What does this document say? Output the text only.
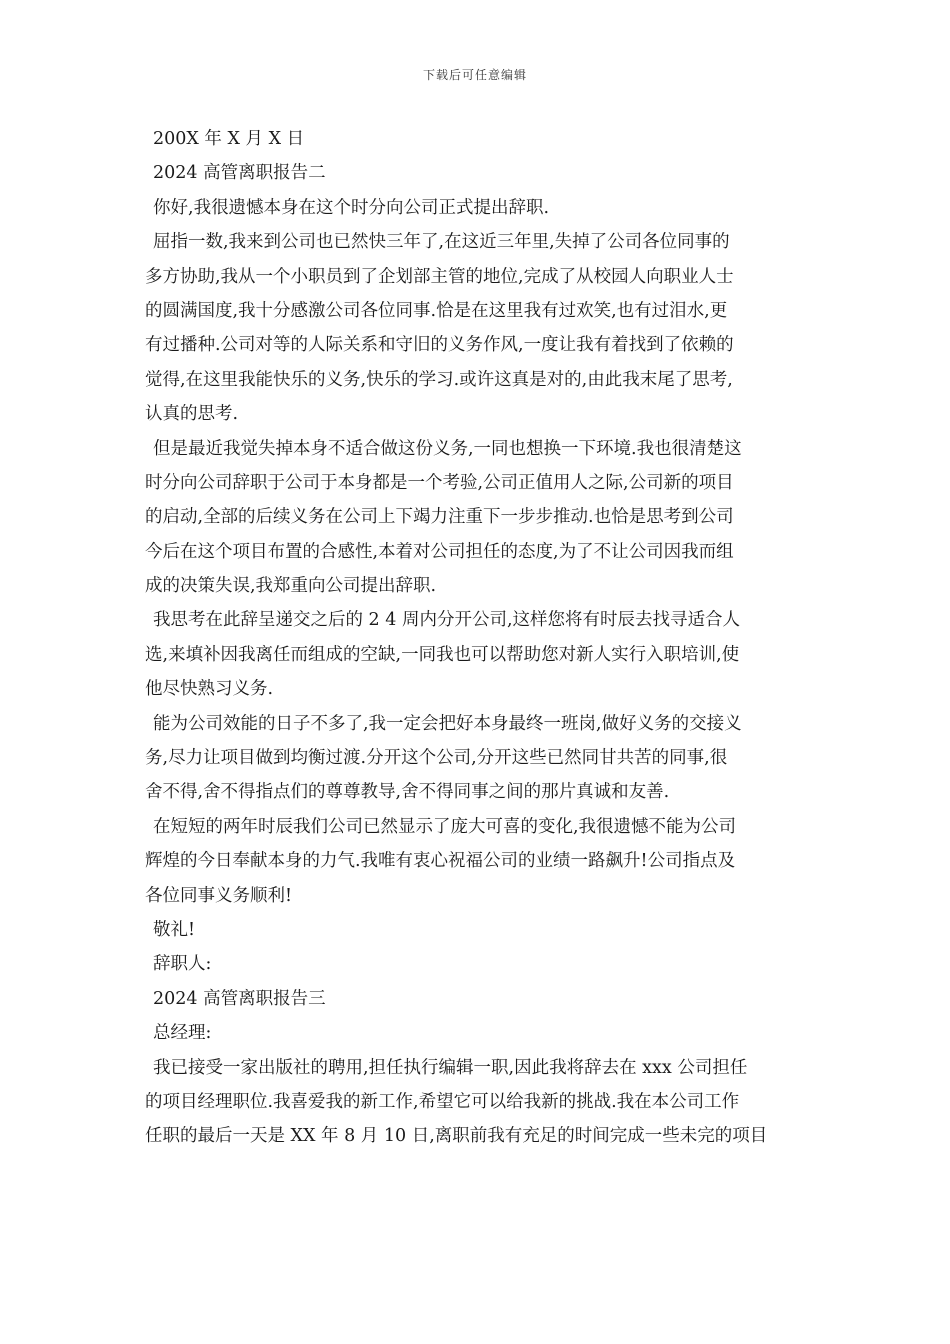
下载后可任意编辑
200X 年 X 月 X 日
2024 高管离职报告二
你好,我很遗憾本身在这个时分向公司正式提出辞职.
屈指一数,我来到公司也已然快三年了,在这近三年里,失掉了公司各位同事的
多方协助,我从一个小职员到了企划部主管的地位,完成了从校园人向职业人士
的圆满国度,我十分感激公司各位同事.恰是在这里我有过欢笑,也有过泪水,更
有过播种.公司对等的人际关系和守旧的义务作风,一度让我有着找到了依赖的
觉得,在这里我能快乐的义务,快乐的学习.或许这真是对的,由此我末尾了思考,
认真的思考.
但是最近我觉失掉本身不适合做这份义务,一同也想换一下环境.我也很清楚这
时分向公司辞职于公司于本身都是一个考验,公司正值用人之际,公司新的项目
的启动,全部的后续义务在公司上下竭力注重下一步步推动.也恰是思考到公司
今后在这个项目布置的合感性,本着对公司担任的态度,为了不让公司因我而组
成的决策失误,我郑重向公司提出辞职.
我思考在此辞呈递交之后的 2 4 周内分开公司,这样您将有时辰去找寻适合人
选,来填补因我离任而组成的空缺,一同我也可以帮助您对新人实行入职培训,使
他尽快熟习义务.
能为公司效能的日子不多了,我一定会把好本身最终一班岗,做好义务的交接义
务,尽力让项目做到均衡过渡.分开这个公司,分开这些已然同甘共苦的同事,很
舍不得,舍不得指点们的尊尊教导,舍不得同事之间的那片真诚和友善.
在短短的两年时辰我们公司已然显示了庞大可喜的变化,我很遗憾不能为公司
辉煌的今日奉献本身的力气.我唯有衷心祝福公司的业绩一路飙升!公司指点及
各位同事义务顺利!
敬礼!
辞职人:
2024 高管离职报告三
总经理:
我已接受一家出版社的聘用,担任执行编辑一职,因此我将辞去在 xxx 公司担任
的项目经理职位.我喜爱我的新工作,希望它可以给我新的挑战.我在本公司工作
任职的最后一天是 XX 年 8 月 10 日,离职前我有充足的时间完成一些未完的项目
